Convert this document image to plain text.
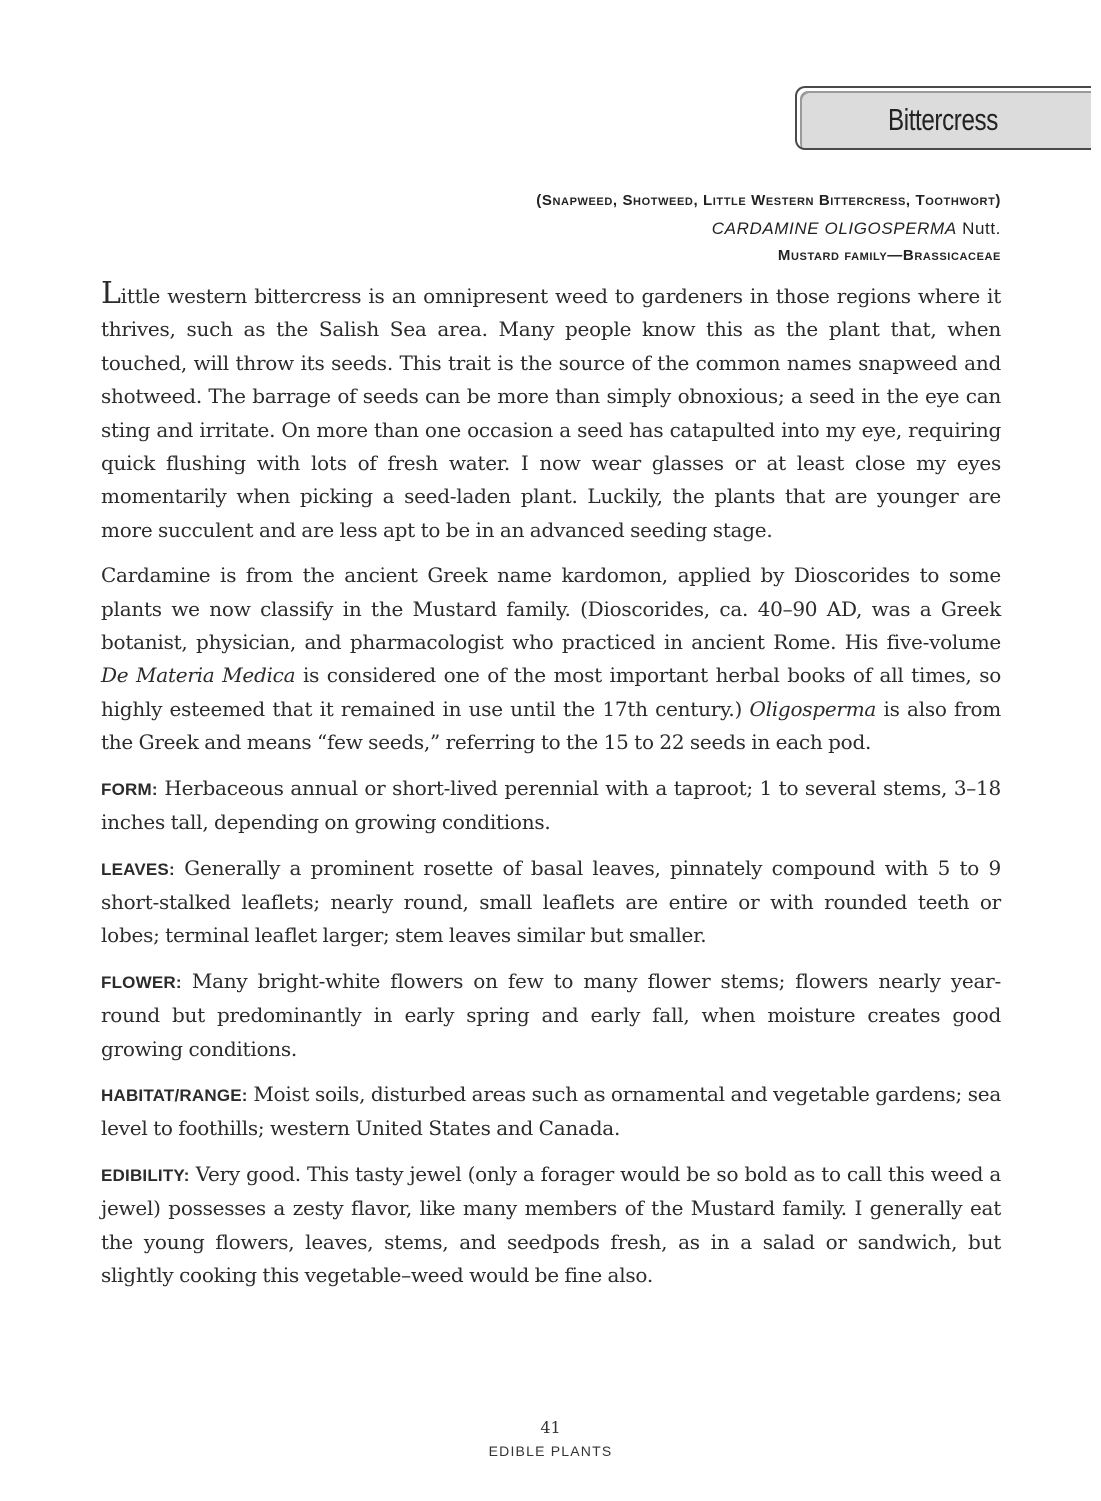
Bittercress
(Snapweed, Shotweed, Little Western Bittercress, Toothwort)
CARDAMINE OLIGOSPERMA Nutt.
Mustard family—Brassicaceae

Little western bittercress is an omnipresent weed to gardeners in those regions where it thrives, such as the Salish Sea area. Many people know this as the plant that, when touched, will throw its seeds. This trait is the source of the common names snapweed and shotweed. The barrage of seeds can be more than simply obnoxious; a seed in the eye can sting and irritate. On more than one occasion a seed has catapulted into my eye, requiring quick flushing with lots of fresh water. I now wear glasses or at least close my eyes momentarily when picking a seed-laden plant. Luckily, the plants that are younger are more succulent and are less apt to be in an advanced seeding stage.

Cardamine is from the ancient Greek name kardomon, applied by Dioscorides to some plants we now classify in the Mustard family. (Dioscorides, ca. 40–90 AD, was a Greek botanist, physician, and pharmacologist who practiced in ancient Rome. His five-volume De Materia Medica is considered one of the most important herbal books of all times, so highly esteemed that it remained in use until the 17th century.) Oligosperma is also from the Greek and means “few seeds,” referring to the 15 to 22 seeds in each pod.

FORM: Herbaceous annual or short-lived perennial with a taproot; 1 to several stems, 3–18 inches tall, depending on growing conditions.

LEAVES: Generally a prominent rosette of basal leaves, pinnately compound with 5 to 9 short-stalked leaflets; nearly round, small leaflets are entire or with rounded teeth or lobes; terminal leaflet larger; stem leaves similar but smaller.

FLOWER: Many bright-white flowers on few to many flower stems; flowers nearly year-round but predominantly in early spring and early fall, when moisture creates good growing conditions.

HABITAT/RANGE: Moist soils, disturbed areas such as ornamental and vegetable gardens; sea level to foothills; western United States and Canada.

EDIBILITY: Very good. This tasty jewel (only a forager would be so bold as to call this weed a jewel) possesses a zesty flavor, like many members of the Mustard family. I generally eat the young flowers, leaves, stems, and seedpods fresh, as in a salad or sandwich, but slightly cooking this vegetable–weed would be fine also.

41
EDIBLE PLANTS
